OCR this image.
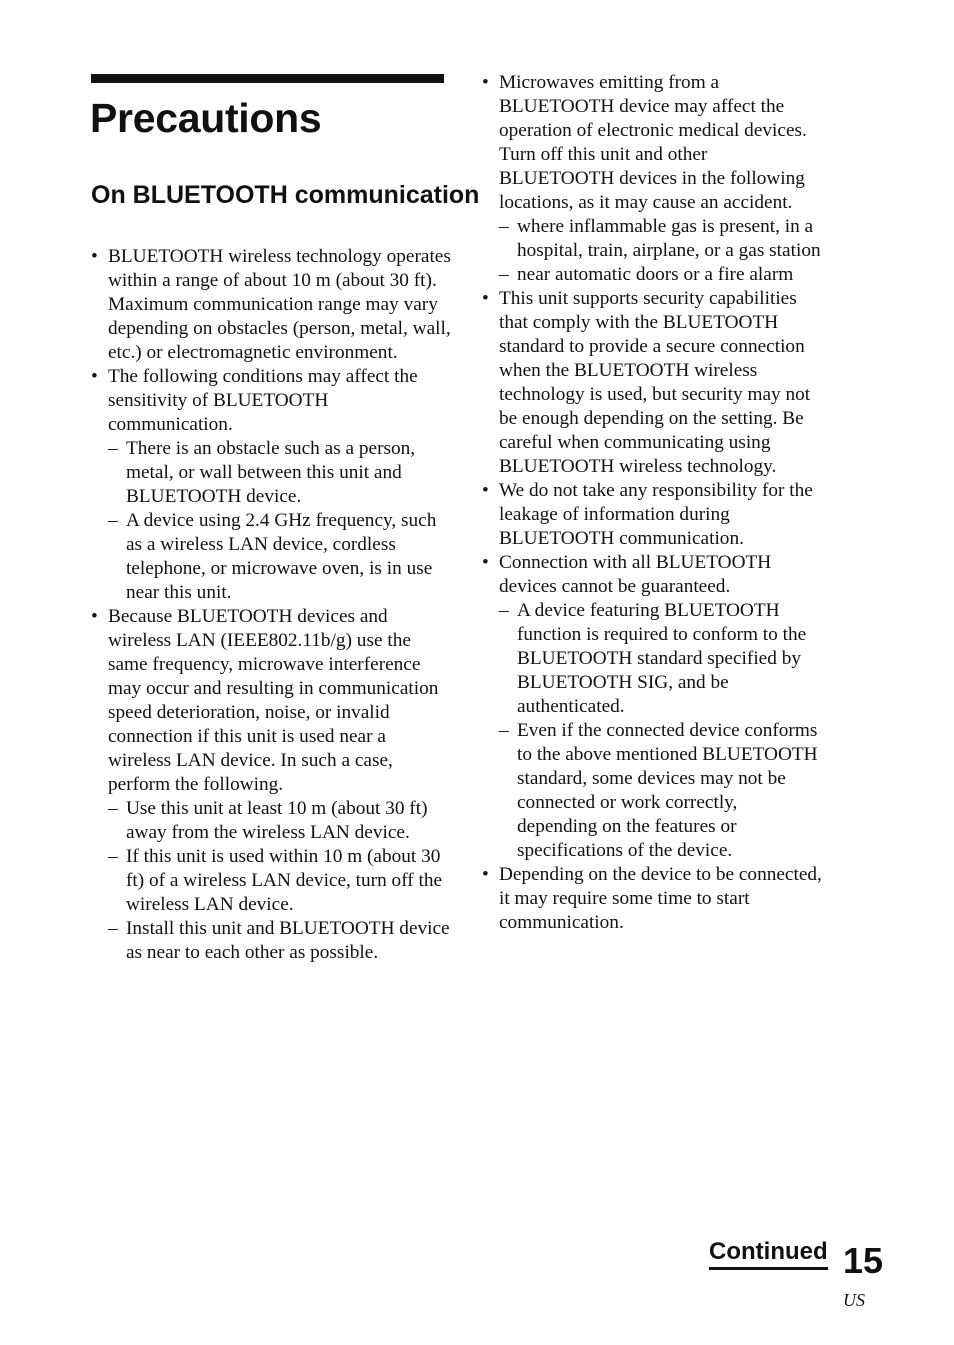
Precautions
On BLUETOOTH communication
• BLUETOOTH wireless technology operates within a range of about 10 m (about 30 ft). Maximum communication range may vary depending on obstacles (person, metal, wall, etc.) or electromagnetic environment.
• The following conditions may affect the sensitivity of BLUETOOTH communication.
– There is an obstacle such as a person, metal, or wall between this unit and BLUETOOTH device.
– A device using 2.4 GHz frequency, such as a wireless LAN device, cordless telephone, or microwave oven, is in use near this unit.
• Because BLUETOOTH devices and wireless LAN (IEEE802.11b/g) use the same frequency, microwave interference may occur and resulting in communication speed deterioration, noise, or invalid connection if this unit is used near a wireless LAN device. In such a case, perform the following.
– Use this unit at least 10 m (about 30 ft) away from the wireless LAN device.
– If this unit is used within 10 m (about 30 ft) of a wireless LAN device, turn off the wireless LAN device.
– Install this unit and BLUETOOTH device as near to each other as possible.
• Microwaves emitting from a BLUETOOTH device may affect the operation of electronic medical devices. Turn off this unit and other BLUETOOTH devices in the following locations, as it may cause an accident.
– where inflammable gas is present, in a hospital, train, airplane, or a gas station
– near automatic doors or a fire alarm
• This unit supports security capabilities that comply with the BLUETOOTH standard to provide a secure connection when the BLUETOOTH wireless technology is used, but security may not be enough depending on the setting. Be careful when communicating using BLUETOOTH wireless technology.
• We do not take any responsibility for the leakage of information during BLUETOOTH communication.
• Connection with all BLUETOOTH devices cannot be guaranteed.
– A device featuring BLUETOOTH function is required to conform to the BLUETOOTH standard specified by BLUETOOTH SIG, and be authenticated.
– Even if the connected device conforms to the above mentioned BLUETOOTH standard, some devices may not be connected or work correctly, depending on the features or specifications of the device.
• Depending on the device to be connected, it may require some time to start communication.
Continued 15
US
